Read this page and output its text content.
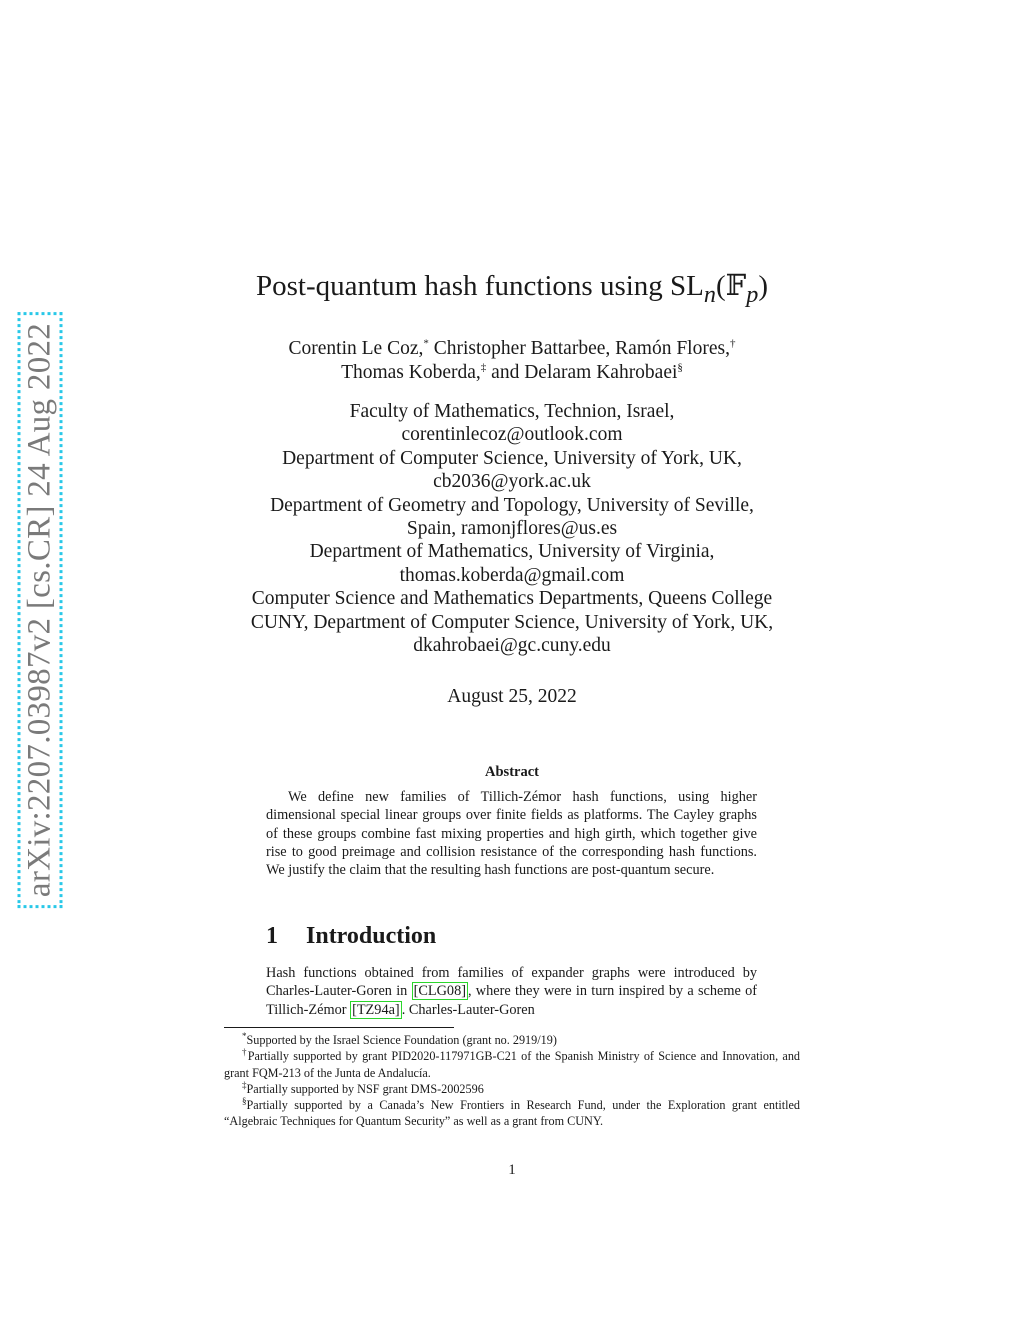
arXiv:2207.03987v2 [cs.CR] 24 Aug 2022
Post-quantum hash functions using $SL_n(𝔽_p)$
Corentin Le Coz,* Christopher Battarbee, Ramón Flores,†
Thomas Koberda,‡ and Delaram Kahrobaei§
Faculty of Mathematics, Technion, Israel,
corentinlecoz@outlook.com
Department of Computer Science, University of York, UK,
cb2036@york.ac.uk
Department of Geometry and Topology, University of Seville,
Spain, ramonjflores@us.es
Department of Mathematics, University of Virginia,
thomas.koberda@gmail.com
Computer Science and Mathematics Departments, Queens College
CUNY, Department of Computer Science, University of York, UK,
dkahrobaei@gc.cuny.edu
August 25, 2022
Abstract
We define new families of Tillich-Zémor hash functions, using higher dimensional special linear groups over finite fields as platforms. The Cayley graphs of these groups combine fast mixing properties and high girth, which together give rise to good preimage and collision resistance of the corresponding hash functions. We justify the claim that the resulting hash functions are post-quantum secure.
1 Introduction
Hash functions obtained from families of expander graphs were introduced by Charles-Lauter-Goren in [CLG08] , where they were in turn inspired by a scheme of Tillich-Zémor [TZ94a] . Charles-Lauter-Goren
*Supported by the Israel Science Foundation (grant no. 2919/19)
†Partially supported by grant PID2020-117971GB-C21 of the Spanish Ministry of Science and Innovation, and grant FQM-213 of the Junta de Andalucía.
‡Partially supported by NSF grant DMS-2002596
§Partially supported by a Canada’s New Frontiers in Research Fund, under the Exploration grant entitled “Algebraic Techniques for Quantum Security” as well as a grant from CUNY.
1
